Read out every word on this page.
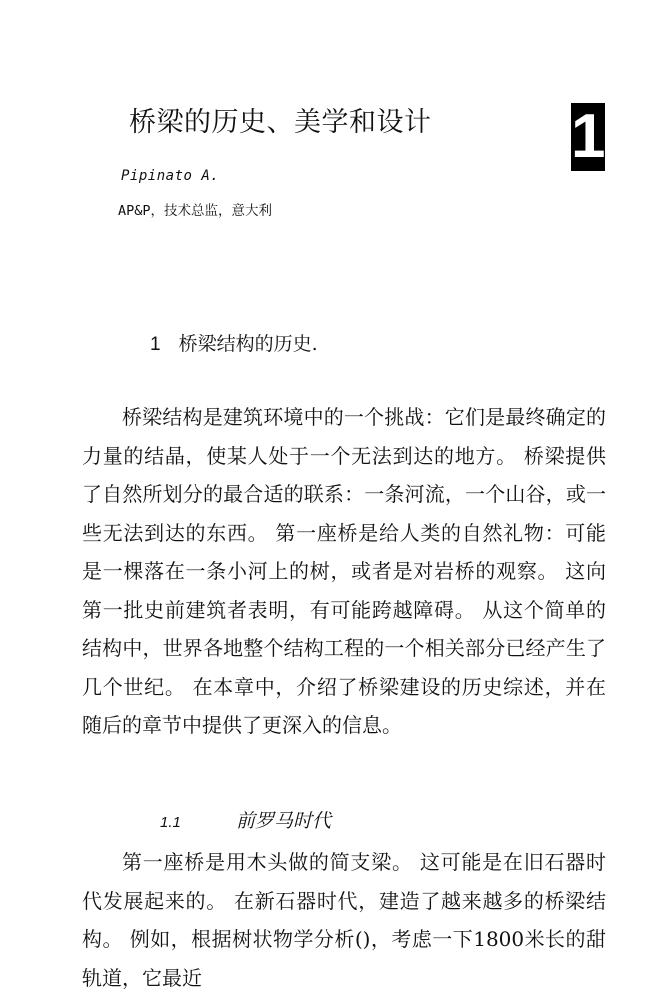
桥梁的历史、美学和设计 1
Pipinato A.
AP&P，技术总监，意大利
1 桥梁结构的历史.

桥梁结构是建筑环境中的一个挑战：它们是最终确定的力量的结晶，使某人处于一个无法到达的地方。 桥梁提供了自然所划分的最合适的联系：一条河流，一个山谷，或一些无法到达的东西。 第一座桥是给人类的自然礼物：可能是一棵落在一条小河上的树，或者是对岩桥的观察。 这向第一批史前建筑者表明，有可能跨越障碍。 从这个简单的结构中，世界各地整个结构工程的一个相关部分已经产生了几个世纪。 在本章中，介绍了桥梁建设的历史综述，并在随后的章节中提供了更深入的信息。

1.1	前罗马时代

第一座桥是用木头做的简支梁。 这可能是在旧石器时代发展起来的。 在新石器时代，建造了越来越多的桥梁结构。 例如，根据树状物学分析()，考虑一下1800米长的甜轨道，它最近
